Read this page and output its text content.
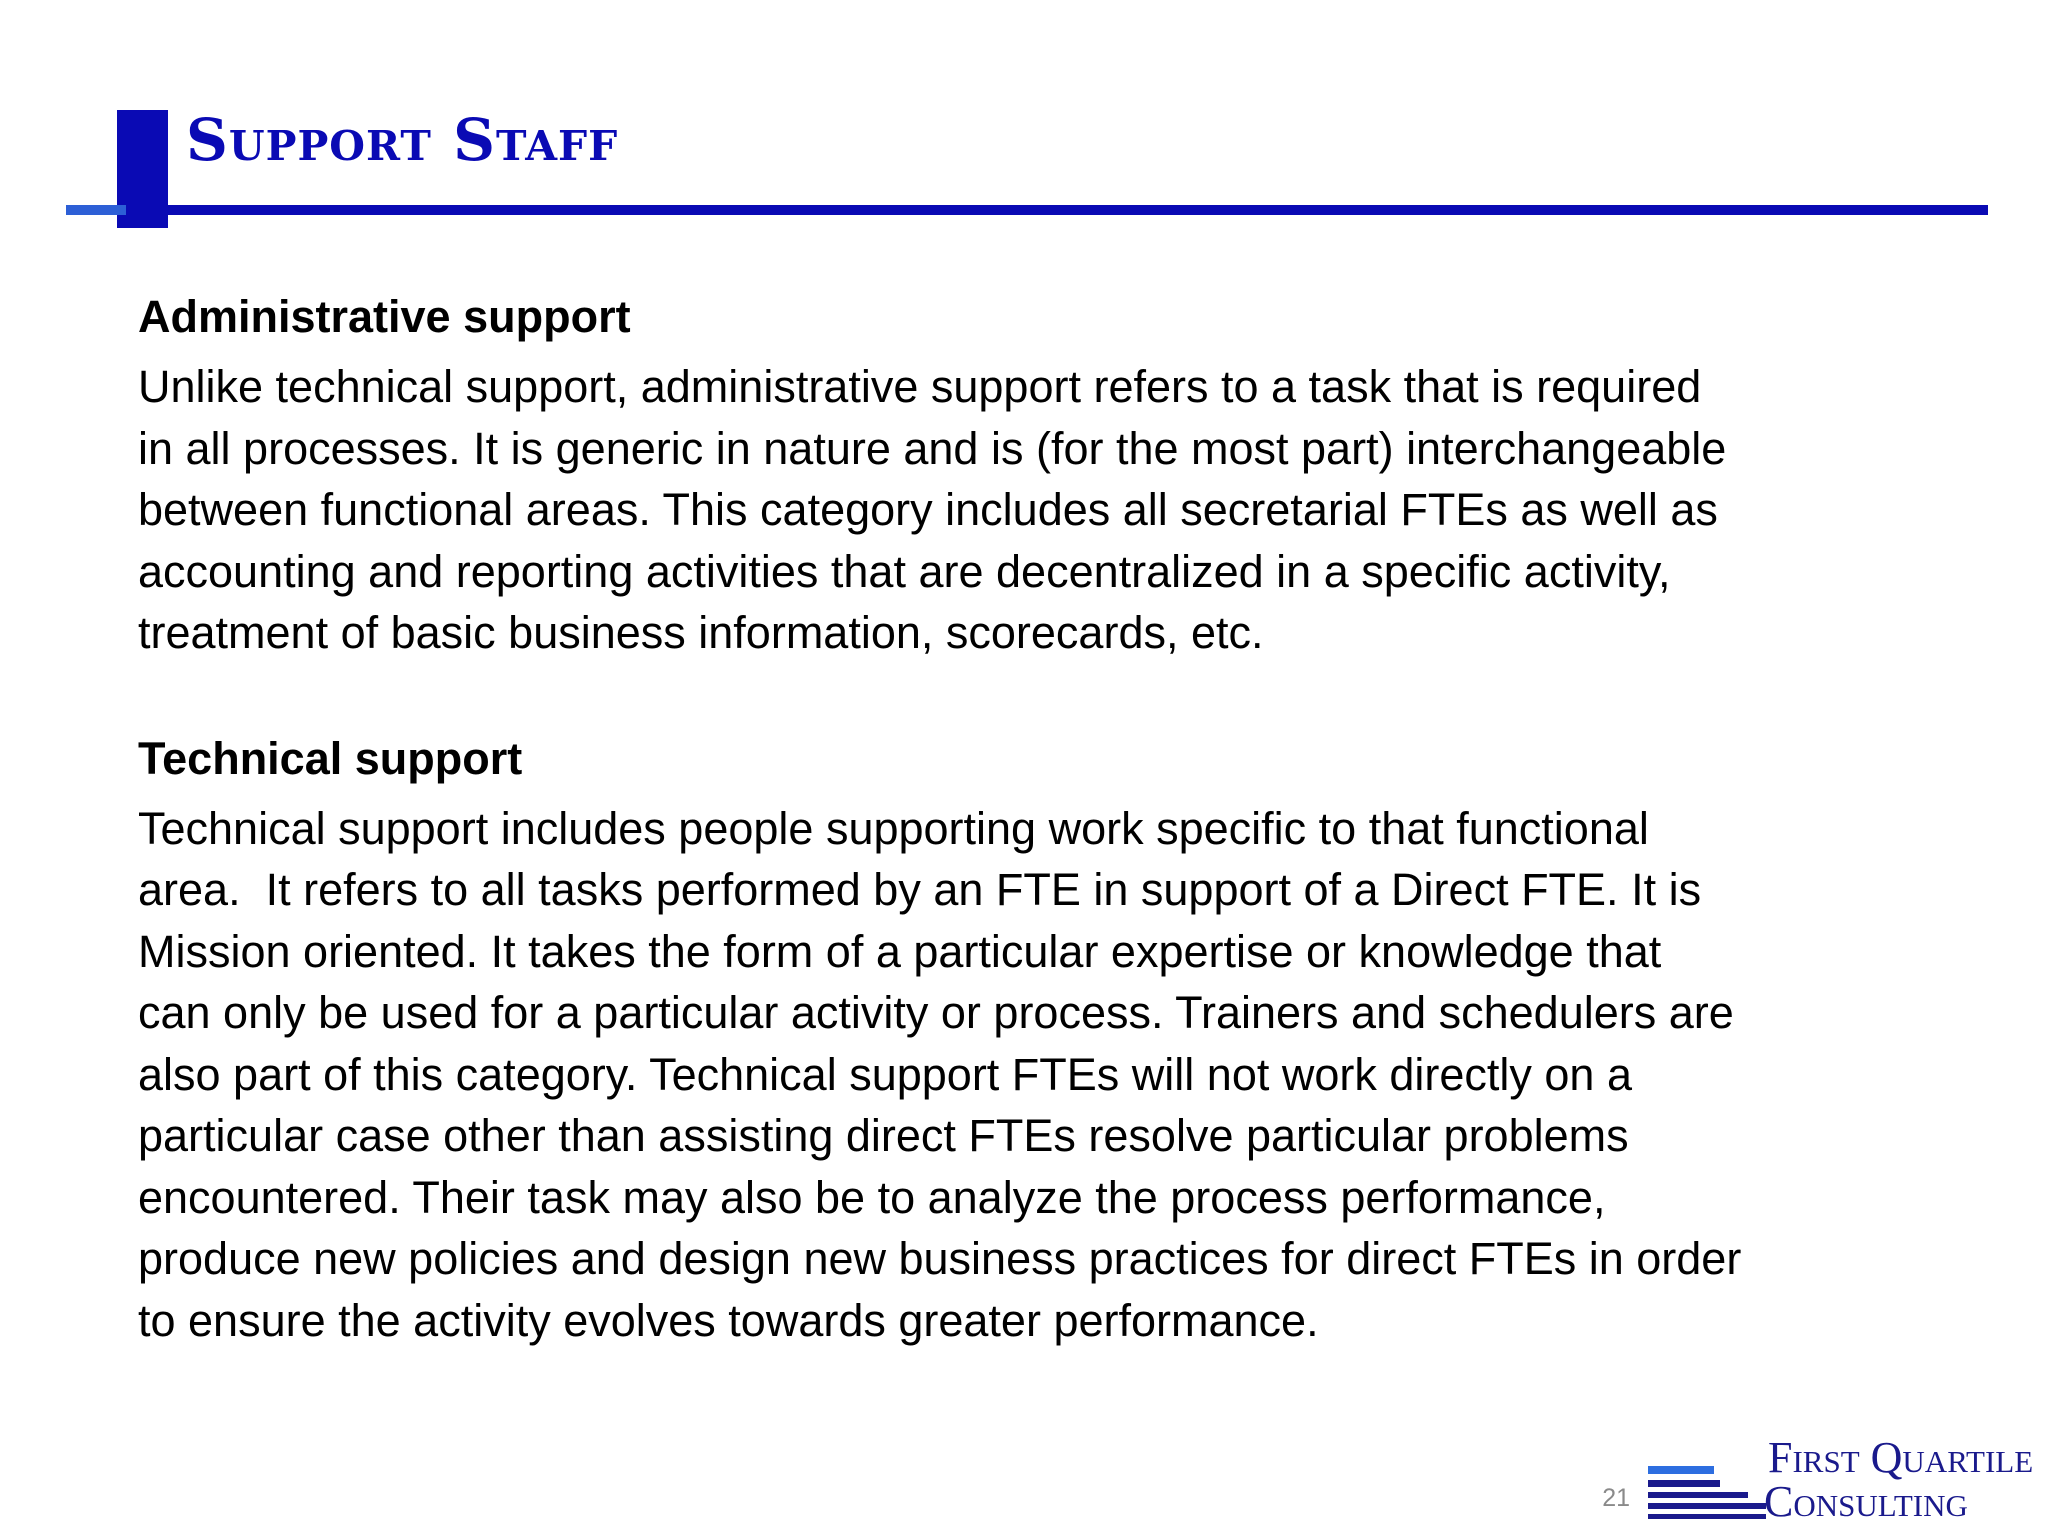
Support Staff
Administrative support

Unlike technical support, administrative support refers to a task that is required
in all processes. It is generic in nature and is (for the most part) interchangeable
between functional areas. This category includes all secretarial FTEs as well as
accounting and reporting activities that are decentralized in a specific activity,
treatment of basic business information, scorecards, etc.

Technical support

Technical support includes people supporting work specific to that functional
area.  It refers to all tasks performed by an FTE in support of a Direct FTE. It is
Mission oriented. It takes the form of a particular expertise or knowledge that
can only be used for a particular activity or process. Trainers and schedulers are
also part of this category. Technical support FTEs will not work directly on a
particular case other than assisting direct FTEs resolve particular problems
encountered. Their task may also be to analyze the process performance,
produce new policies and design new business practices for direct FTEs in order
to ensure the activity evolves towards greater performance.

21
First Quartile
Consulting
